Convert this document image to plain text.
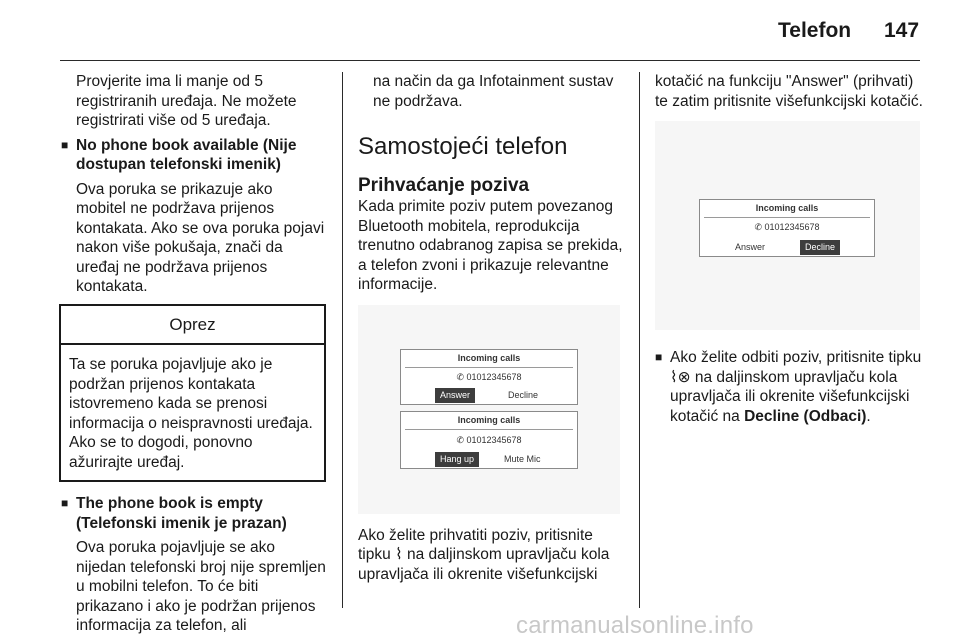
Telefon 147

Provjerite ima li manje od 5 registriranih uređaja. Ne možete registrirati više od 5 uređaja.

■ No phone book available (Nije dostupan telefonski imenik)

Ova poruka se prikazuje ako mobitel ne podržava prijenos kontakata. Ako se ova poruka pojavi nakon više pokušaja, znači da uređaj ne podržava prijenos kontakata.

Oprez
Ta se poruka pojavljuje ako je podržan prijenos kontakata istovremeno kada se prenosi informacija o neispravnosti uređaja. Ako se to dogodi, ponovno ažurirajte uređaj.

■ The phone book is empty (Telefonski imenik je prazan)

Ova poruka pojavljuje se ako nijedan telefonski broj nije spremljen u mobilni telefon. To će biti prikazano i ako je podržan prijenos informacija za telefon, ali

na način da ga Infotainment sustav ne podržava.

Samostojeći telefon
Prihvaćanje poziva

Kada primite poziv putem povezanog Bluetooth mobitela, reprodukcija trenutno odabranog zapisa se prekida, a telefon zvoni i prikazuje relevantne informacije.

Incoming calls
✆ 01012345678
Answer	Decline
Incoming calls
✆ 01012345678
Hang up	Mute Mic

Ako želite prihvatiti poziv, pritisnite tipku ⌇ na daljinskom upravljaču kola upravljača ili okrenite višefunkcijski

kotačić na funkciju "Answer" (prihvati) te zatim pritisnite višefunkcijski kotačić.

Incoming calls
✆ 01012345678
Answer	Decline

■ Ako želite odbiti poziv, pritisnite tipku ⌇⊗ na daljinskom upravljaču kola upravljača ili okrenite višefunkcijski kotačić na Decline (Odbaci).

carmanualsonline.info
